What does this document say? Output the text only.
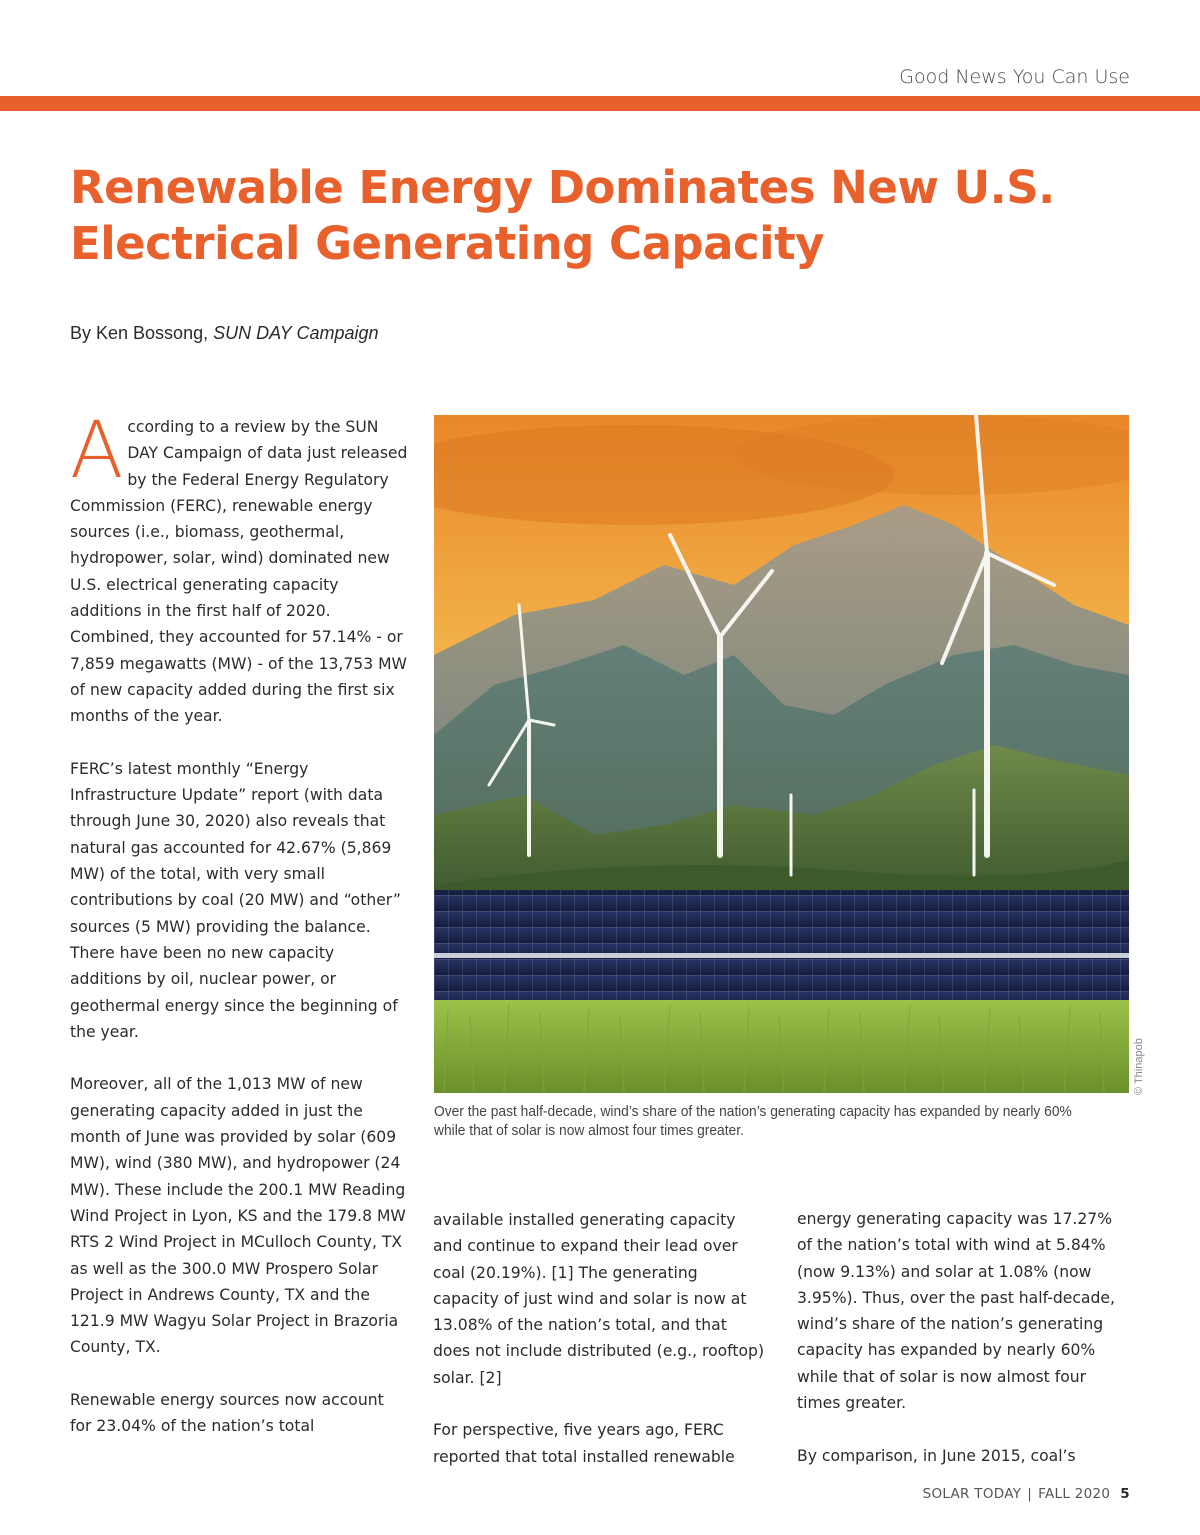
Good News You Can Use
Renewable Energy Dominates New U.S. Electrical Generating Capacity
By Ken Bossong, SUN DAY Campaign

According to a review by the SUN DAY Campaign of data just released by the Federal Energy Regulatory Commission (FERC), renewable energy sources (i.e., biomass, geothermal, hydropower, solar, wind) dominated new U.S. electrical generating capacity additions in the first half of 2020. Combined, they accounted for 57.14% - or 7,859 megawatts (MW) - of the 13,753 MW of new capacity added during the first six months of the year.

FERC’s latest monthly “Energy Infrastructure Update” report (with data through June 30, 2020) also reveals that natural gas accounted for 42.67% (5,869 MW) of the total, with very small contributions by coal (20 MW) and “other” sources (5 MW) providing the balance. There have been no new capacity additions by oil, nuclear power, or geothermal energy since the beginning of the year.

Moreover, all of the 1,013 MW of new generating capacity added in just the month of June was provided by solar (609 MW), wind (380 MW), and hydropower (24 MW). These include the 200.1 MW Reading Wind Project in Lyon, KS and the 179.8 MW RTS 2 Wind Project in MCulloch County, TX as well as the 300.0 MW Prospero Solar Project in Andrews County, TX and the 121.9 MW Wagyu Solar Project in Brazoria County, TX.

Renewable energy sources now account for 23.04% of the nation’s total

© Thinapob
Over the past half-decade, wind’s share of the nation’s generating capacity has expanded by nearly 60% while that of solar is now almost four times greater.

available installed generating capacity and continue to expand their lead over coal (20.19%). [1] The generating capacity of just wind and solar is now at 13.08% of the nation’s total, and that does not include distributed (e.g., rooftop) solar. [2]

For perspective, five years ago, FERC reported that total installed renewable

energy generating capacity was 17.27% of the nation’s total with wind at 5.84% (now 9.13%) and solar at 1.08% (now 3.95%). Thus, over the past half-decade, wind’s share of the nation’s generating capacity has expanded by nearly 60% while that of solar is now almost four times greater.

By comparison, in June 2015, coal’s

SOLAR TODAY | FALL 2020 5
